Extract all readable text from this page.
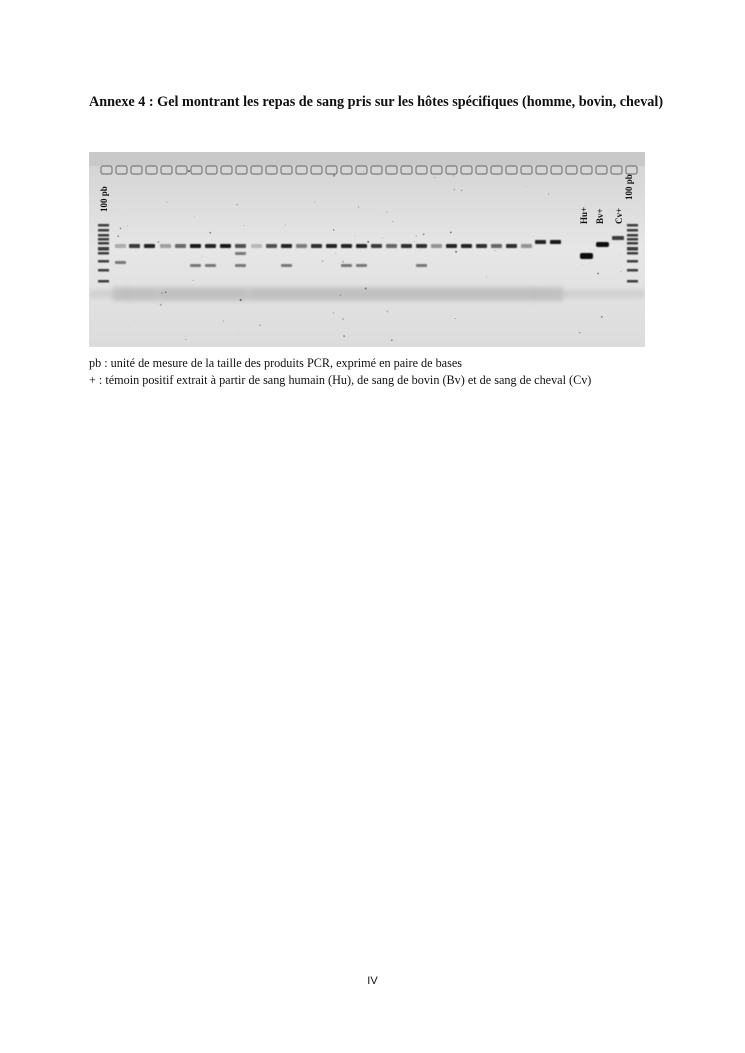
Annexe 4 : Gel montrant les repas de sang pris sur les hôtes spécifiques (homme, bovin, cheval)
100 pb	100 pb
Hu+ Bv+ Cv+
pb : unité de mesure de la taille des produits PCR, exprimé en paire de bases
+ : témoin positif extrait à partir de sang humain (Hu), de sang de bovin (Bv) et de sang de cheval (Cv)
IV
